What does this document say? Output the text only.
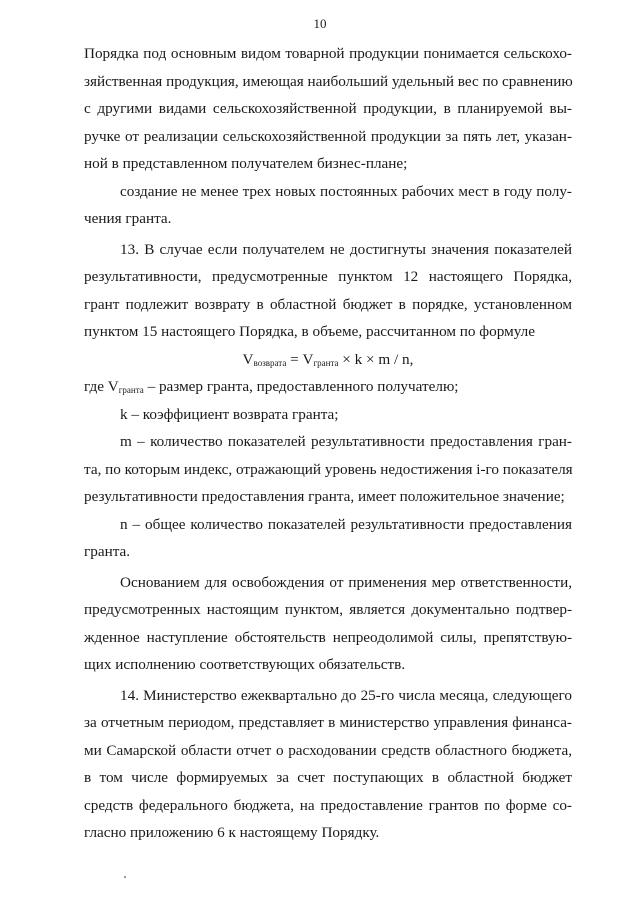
10
Порядка под основным видом товарной продукции понимается сельскохо-
зяйственная продукция, имеющая наибольший удельный вес по сравнению
с другими видами сельскохозяйственной продукции, в планируемой вы-
ручке от реализации сельскохозяйственной продукции за пять лет, указан-
ной в представленном получателем бизнес-плане;
создание не менее трех новых постоянных рабочих мест в году полу-
чения гранта.
13. В случае если получателем не достигнуты значения показателей
результативности, предусмотренные пунктом 12 настоящего Порядка,
грант подлежит возврату в областной бюджет в порядке, установленном
пунктом 15 настоящего Порядка, в объеме, рассчитанном по формуле
$V_{возврата} = V_{гранта} \times k \times m / n$,
где $V_{гранта}$ – размер гранта, предоставленного получателю;
k – коэффициент возврата гранта;
m – количество показателей результативности предоставления гран-
та, по которым индекс, отражающий уровень недостижения i-го показателя
результативности предоставления гранта, имеет положительное значение;
n – общее количество показателей результативности предоставления
гранта.
Основанием для освобождения от применения мер ответственности,
предусмотренных настоящим пунктом, является документально подтвер-
жденное наступление обстоятельств непреодолимой силы, препятствую-
щих исполнению соответствующих обязательств.
14. Министерство ежеквартально до 25-го числа месяца, следующего
за отчетным периодом, представляет в министерство управления финанса-
ми Самарской области отчет о расходовании средств областного бюджета,
в том числе формируемых за счет поступающих в областной бюджет
средств федерального бюджета, на предоставление грантов по форме со-
гласно приложению 6 к настоящему Порядку.
